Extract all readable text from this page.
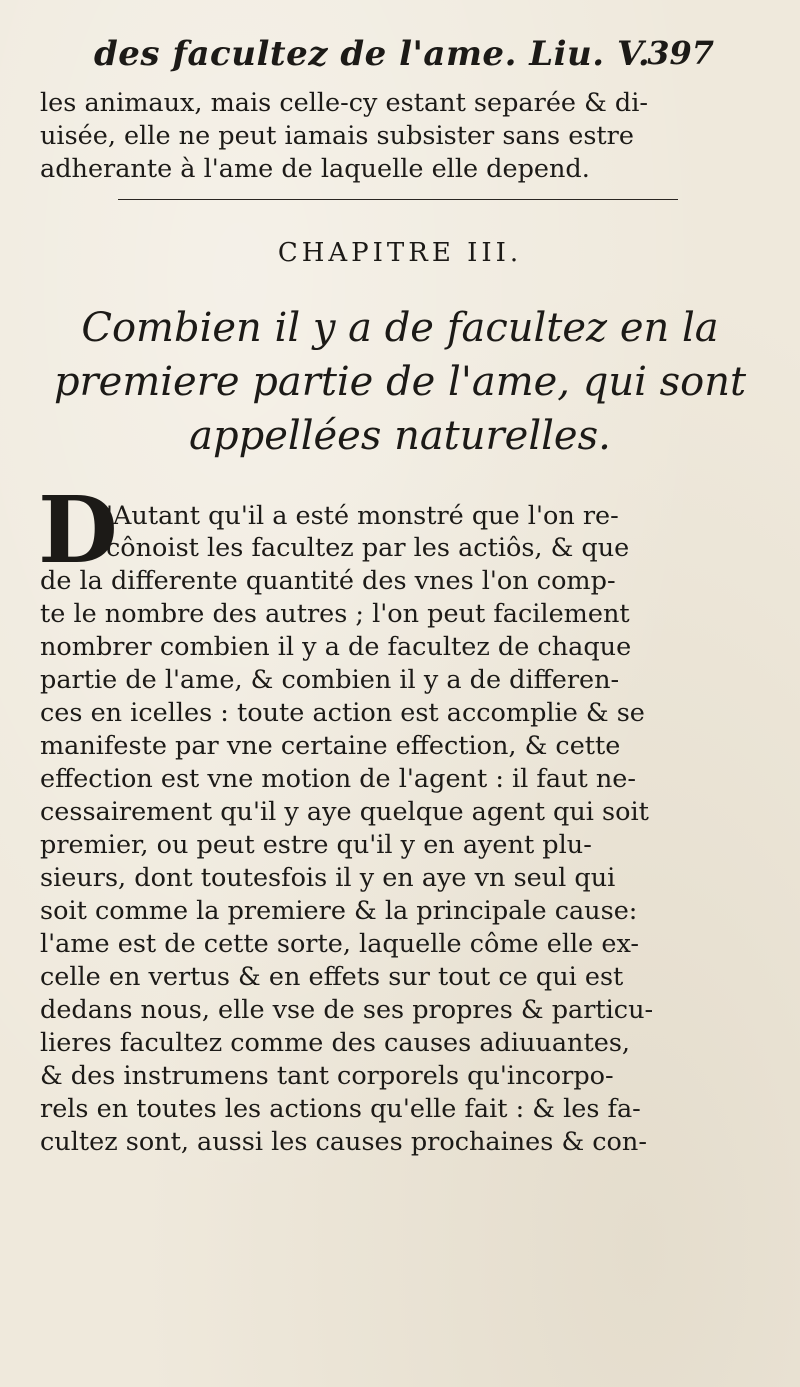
des facultez de l'ame. Liu. V.
397
les animaux, mais celle-cy estant separée & di-
uisée, elle ne peut iamais subsister sans estre
adherante à l'ame de laquelle elle depend.
CHAPITRE III.
Combien il y a de facultez en la
premiere partie de l'ame, qui sont
appellées naturelles.
D
'Autant qu'il a esté monstré que l'on re-
cônoist les facultez par les actiôs, & que
de la differente quantité des vnes l'on comp-
te le nombre des autres ; l'on peut facilement
nombrer combien il y a de facultez de chaque
partie de l'ame, & combien il y a de differen-
ces en icelles : toute action est accomplie & se
manifeste par vne certaine effection, & cette
effection est vne motion de l'agent : il faut ne-
cessairement qu'il y aye quelque agent qui soit
premier, ou peut estre qu'il y en ayent plu-
sieurs, dont toutesfois il y en aye vn seul qui
soit comme la premiere & la principale cause:
l'ame est de cette sorte, laquelle côme elle ex-
celle en vertus & en effets sur tout ce qui est
dedans nous, elle vse de ses propres & particu-
lieres facultez comme des causes adiuuantes,
& des instrumens tant corporels qu'incorpo-
rels en toutes les actions qu'elle fait : & les fa-
cultez sont, aussi les causes prochaines & con-
